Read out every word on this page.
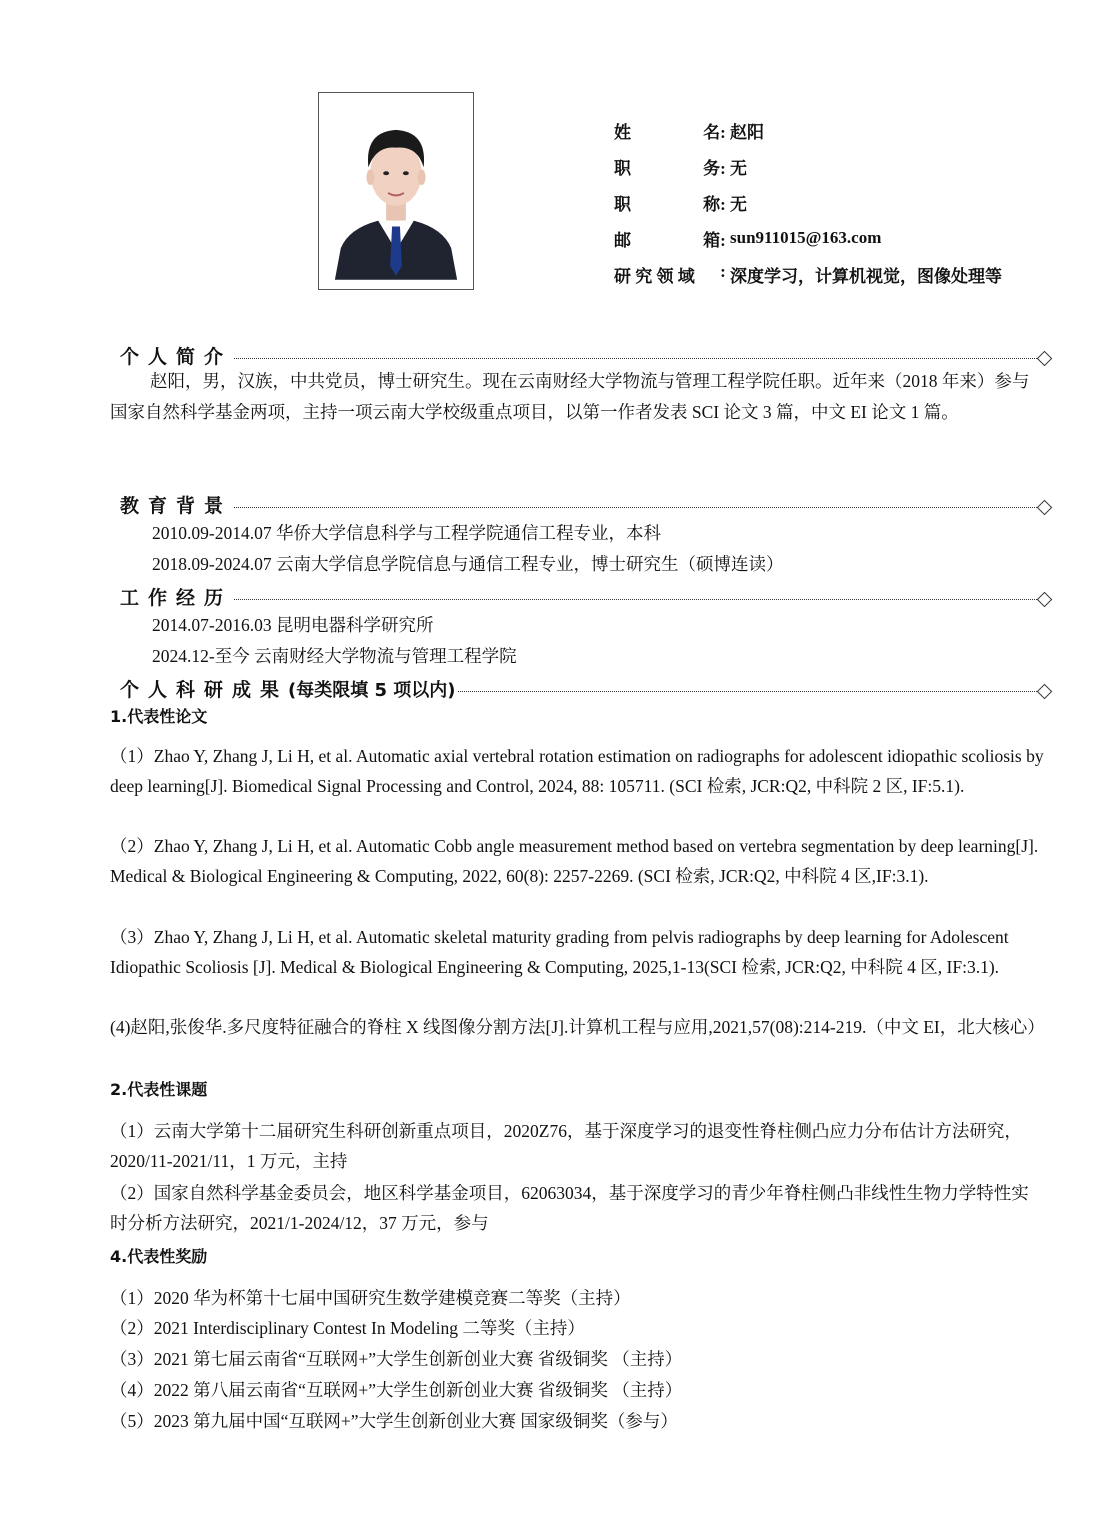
姓	名: 赵阳
职	务: 无
职	称: 无
邮	箱: sun911015@163.com
研 究 领 域 : 深度学习，计算机视觉，图像处理等
个人简介
赵阳，男，汉族，中共党员，博士研究生。现在云南财经大学物流与管理工程学院任职。近年来（2018 年来）参与国家自然科学基金两项，主持一项云南大学校级重点项目，以第一作者发表 SCI 论文 3 篇，中文 EI 论文 1 篇。
教育背景
2010.09-2014.07 华侨大学信息科学与工程学院通信工程专业，本科
2018.09-2024.07 云南大学信息学院信息与通信工程专业，博士研究生（硕博连读）
工作经历
2014.07-2016.03 昆明电器科学研究所
2024.12-至今 云南财经大学物流与管理工程学院
个人科研成果(每类限填 5 项以内)
1.代表性论文
（1）Zhao Y, Zhang J, Li H, et al. Automatic axial vertebral rotation estimation on radiographs for adolescent idiopathic scoliosis by deep learning[J]. Biomedical Signal Processing and Control, 2024, 88: 105711. (SCI 检索, JCR:Q2, 中科院 2 区, IF:5.1).
（2）Zhao Y, Zhang J, Li H, et al. Automatic Cobb angle measurement method based on vertebra segmentation by deep learning[J]. Medical & Biological Engineering & Computing, 2022, 60(8): 2257-2269. (SCI 检索, JCR:Q2, 中科院 4 区,IF:3.1).
（3）Zhao Y, Zhang J, Li H, et al. Automatic skeletal maturity grading from pelvis radiographs by deep learning for Adolescent Idiopathic Scoliosis [J]. Medical & Biological Engineering & Computing, 2025,1-13(SCI 检索, JCR:Q2, 中科院 4 区, IF:3.1).
(4)赵阳,张俊华.多尺度特征融合的脊柱 X 线图像分割方法[J].计算机工程与应用,2021,57(08):214-219.（中文 EI，北大核心）
2.代表性课题
（1）云南大学第十二届研究生科研创新重点项目，2020Z76，基于深度学习的退变性脊柱侧凸应力分布估计方法研究，2020/11-2021/11，1 万元，主持
（2）国家自然科学基金委员会，地区科学基金项目，62063034，基于深度学习的青少年脊柱侧凸非线性生物力学特性实时分析方法研究，2021/1-2024/12，37 万元，参与
4.代表性奖励
（1）2020 华为杯第十七届中国研究生数学建模竞赛二等奖（主持）
（2）2021 Interdisciplinary Contest In Modeling 二等奖（主持）
（3）2021 第七届云南省“互联网+”大学生创新创业大赛 省级铜奖 （主持）
（4）2022 第八届云南省“互联网+”大学生创新创业大赛 省级铜奖 （主持）
（5）2023 第九届中国“互联网+”大学生创新创业大赛 国家级铜奖（参与）
